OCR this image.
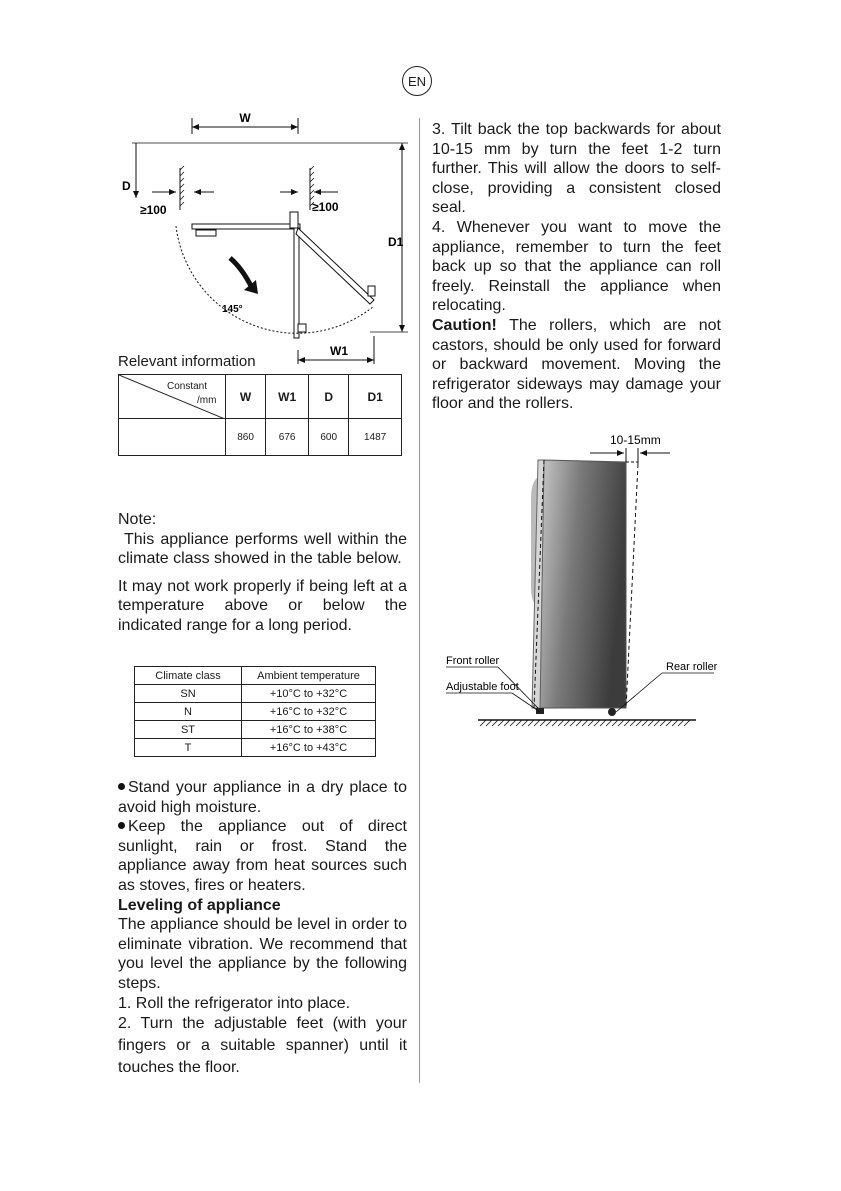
EN
W
D
D1
≥100	≥100
145°
W1
Relevant information
Constant
/mm	W	W1	D	D1
	860	676	600	1487
Note:
This appliance performs well within the climate class showed in the table below.
It may not work properly if being left at a temperature above or below the indicated range for a long period.
Climate class	Ambient temperature
SN	+10°C to +32°C
N	+16°C to +32°C
ST	+16°C to +38°C
T	+16°C to +43°C

Stand your appliance in a dry place to avoid high moisture.

Keep the appliance out of direct sunlight, rain or frost. Stand the appliance away from heat sources such as stoves, fires or heaters.

Leveling of appliance

The appliance should be level in order to eliminate vibration. We recommend that you level the appliance by the following steps.

1. Roll the refrigerator into place.

2. Turn the adjustable feet (with your fingers or a suitable spanner) until it touches the floor.

3. Tilt back the top backwards for about 10-15 mm by turn the feet 1-2 turn further. This will allow the doors to self-close, providing a consistent closed seal.

4. Whenever you want to move the appliance, remember to turn the feet back up so that the appliance can roll freely. Reinstall the appliance when relocating.

Caution! The rollers, which are not castors, should be only used for forward or backward movement. Moving the refrigerator sideways may damage your floor and the rollers.

10-15mm
Front roller
Adjustable foot
Rear roller
